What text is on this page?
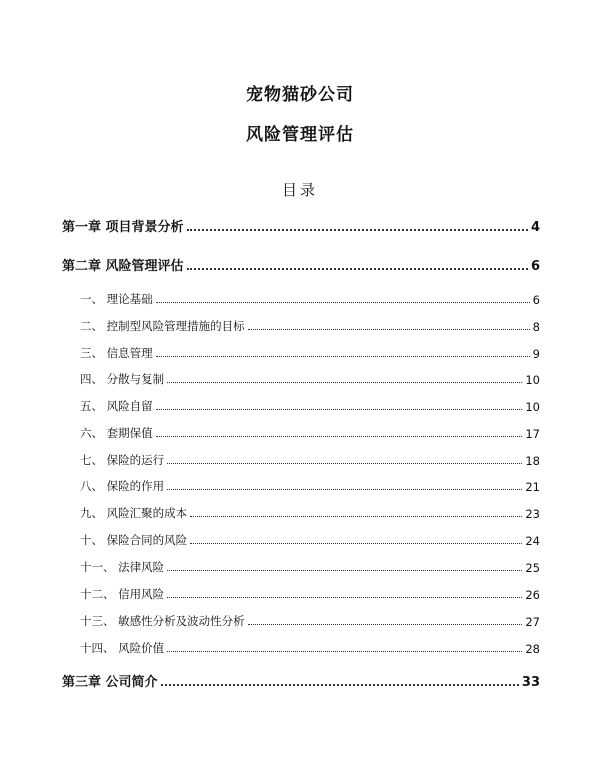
宠物猫砂公司
风险管理评估
目录
第一章 项目背景分析	4
第二章 风险管理评估	6
一、 理论基础	6
二、 控制型风险管理措施的目标	8
三、 信息管理	9
四、 分散与复制	10
五、 风险自留	10
六、 套期保值	17
七、 保险的运行	18
八、 保险的作用	21
九、 风险汇聚的成本	23
十、 保险合同的风险	24
十一、 法律风险	25
十二、 信用风险	26
十三、 敏感性分析及波动性分析	27
十四、 风险价值	28
第三章 公司简介	33
